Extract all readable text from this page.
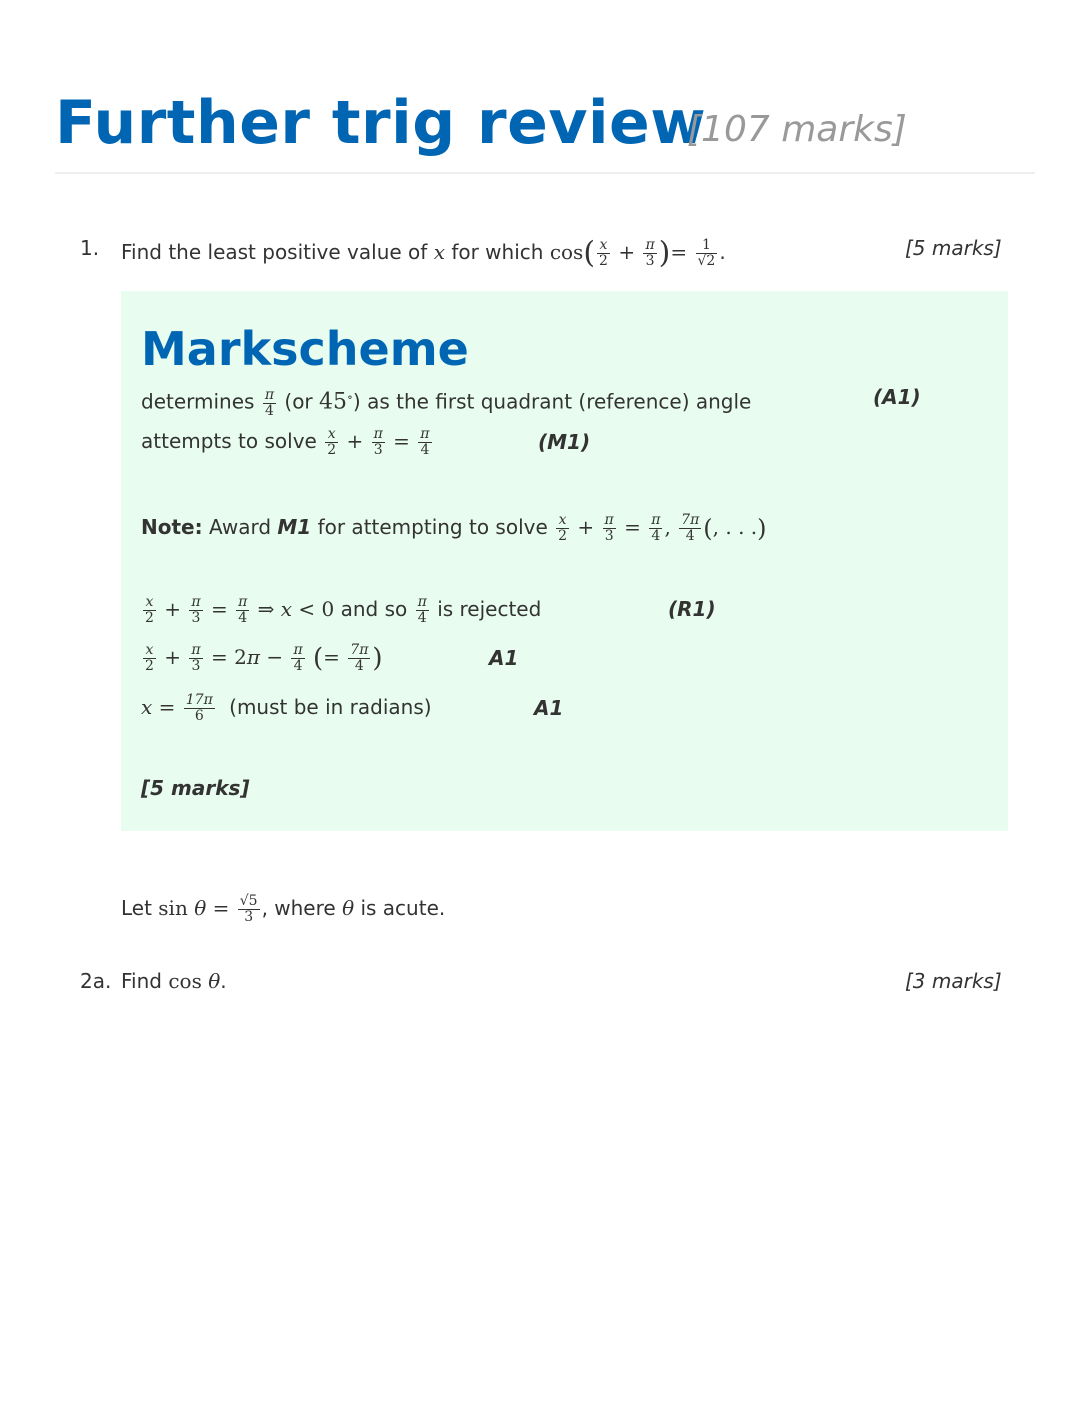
Further trig review
[107 marks]
1. Find the least positive value of x for which $\cos( \frac{x}{2} + \frac{\pi}{3}$ )= $\frac{1}{√2}$ .	[5 marks]
Markscheme
determines $\frac{\pi}{4} (or$ 45∘) as the first quadrant (reference) angle	(A1)
attempts to solve $\frac{x}{2} + \frac{\pi}{3} = \frac{\pi}{4}$	(M1)
Note: Award M1 for attempting to solve $\frac{x}{2} + \frac{\pi}{3} = \frac{\pi}{4}$ , $\frac{7\pi}{4}$ (, . . .)
$\frac{x}{2} + \frac{\pi}{3} = \frac{\pi}{4}$ ⇒ x < 0 and so $\frac{\pi}{4}$ is rejected	(R1)
$\frac{x}{2} + \frac{\pi}{3} = 2\pi - \frac{\pi}{4}$ (= $\frac{7\pi}{4}$ )	A1
$x = \frac{17\pi}{6}$ (must be in radians)	A1
[5 marks]
Let $\sin \theta = \frac{√5}{3}$ , where θ is acute.
2a. Find cos θ.	[3 marks]
